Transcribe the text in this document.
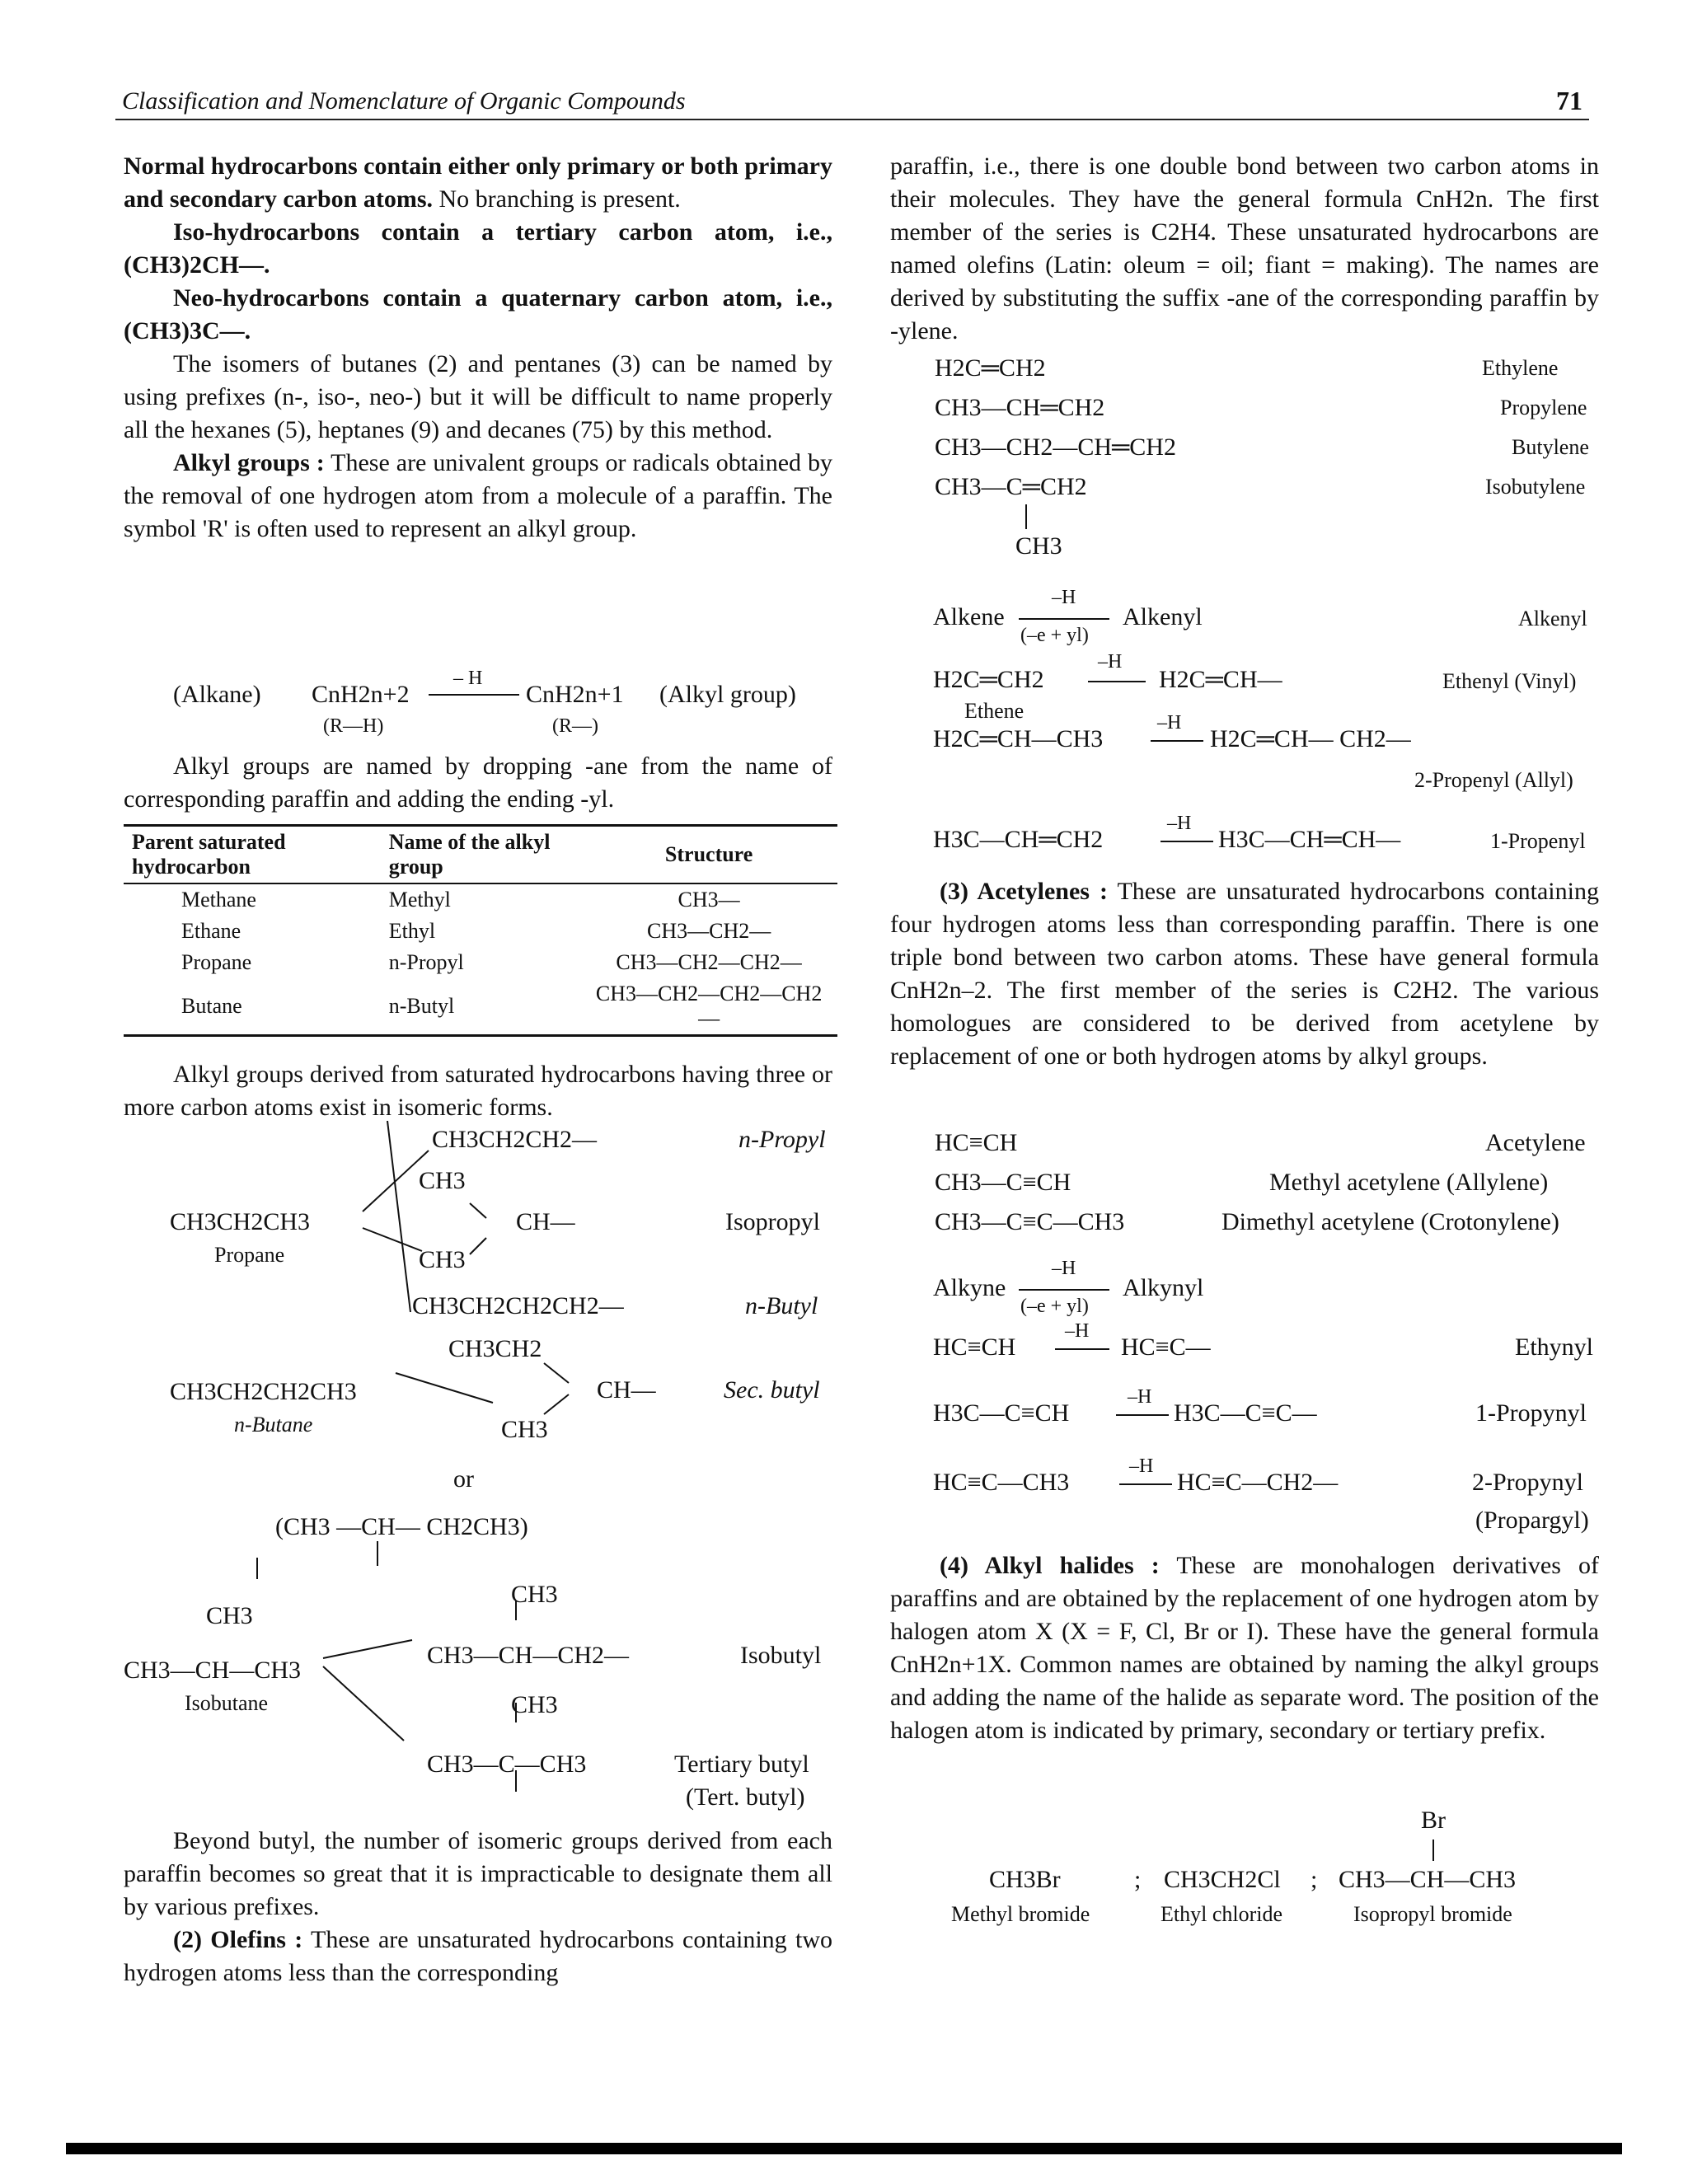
Classification and Nomenclature of Organic Compounds	71

Normal hydrocarbons contain either only primary or both primary and secondary carbon atoms. No branching is present.

Iso-hydrocarbons contain a tertiary carbon atom, i.e., (CH3)2CH—.

Neo-hydrocarbons contain a quaternary carbon atom, i.e., (CH3)3C—.

The isomers of butanes (2) and pentanes (3) can be named by using prefixes (n-, iso-, neo-) but it will be difficult to name properly all the hexanes (5), heptanes (9) and decanes (75) by this method.

Alkyl groups : These are univalent groups or radicals obtained by the removal of one hydrogen atom from a molecule of a paraffin. The symbol 'R' is often used to represent an alkyl group.

(Alkane) CnH2n+2
(R—H)
– H
CnH2n+1
(R—)
(Alkyl group)

Alkyl groups are named by dropping -ane from the name of corresponding paraffin and adding the ending -yl.

Parent saturated hydrocarbon	Name of the alkyl group	Structure
Methane	Methyl	CH3—
Ethane	Ethyl	CH3—CH2—
Propane	n-Propyl	CH3—CH2—CH2—
Butane	n-Butyl	CH3—CH2—CH2—CH2—

Alkyl groups derived from saturated hydrocarbons having three or more carbon atoms exist in isomeric forms.

CH3CH2CH2—	n-Propyl
CH3
CH3CH2CH3
Propane
CH—	Isopropyl
CH3
CH3CH2CH2CH2—	n-Butyl
CH3CH2
CH3CH2CH2CH3
n-Butane
CH—	Sec. butyl
CH3
or
(CH3 —CH— CH2CH3)
CH3
CH3
CH3—CH—CH2—	Isobutyl
CH3—CH—CH3
Isobutane	CH3
CH3—C—CH3	Tertiary butyl
(Tert. butyl)

Beyond butyl, the number of isomeric groups derived from each paraffin becomes so great that it is impracticable to designate them all by various prefixes.

(2) Olefins : These are unsaturated hydrocarbons containing two hydrogen atoms less than the corresponding

paraffin, i.e., there is one double bond between two carbon atoms in their molecules. They have the general formula CnH2n. The first member of the series is C2H4. These unsaturated hydrocarbons are named olefins (Latin: oleum = oil; fiant = making). The names are derived by substituting the suffix -ane of the corresponding paraffin by -ylene.

H2C═CH2	Ethylene
CH3—CH═CH2	Propylene
CH3—CH2—CH═CH2	Butylene
CH3—C═CH2	Isobutylene
CH3
Alkene
–H
(–e + yl)
Alkenyl	Alkenyl
H2C═CH2
–H
H2C═CH—	Ethenyl (Vinyl)
Ethene
H2C═CH—CH3
–H
H2C═CH— CH2—
2-Propenyl (Allyl)
H3C—CH═CH2
–H
H3C—CH═CH—	1-Propenyl

(3) Acetylenes : These are unsaturated hydrocarbons containing four hydrogen atoms less than corresponding paraffin. There is one triple bond between two carbon atoms. These have general formula CnH2n–2. The first member of the series is C2H2. The various homologues are considered to be derived from acetylene by replacement of one or both hydrogen atoms by alkyl groups.

HC≡CH	Acetylene
CH3—C≡CH	Methyl acetylene (Allylene)
CH3—C≡C—CH3	Dimethyl acetylene (Crotonylene)
Alkyne
–H
(–e + yl)
Alkynyl
HC≡CH
–H
HC≡C—	Ethynyl
H3C—C≡CH
–H
H3C—C≡C—	1-Propynyl
HC≡C—CH3
–H
HC≡C—CH2—	2-Propynyl
(Propargyl)

(4) Alkyl halides : These are monohalogen derivatives of paraffins and are obtained by the replacement of one hydrogen atom by halogen atom X (X = F, Cl, Br or I). These have the general formula CnH2n+1X. Common names are obtained by naming the alkyl groups and adding the name of the halide as separate word. The position of the halogen atom is indicated by primary, secondary or tertiary prefix.

Br
CH3Br	; CH3CH2Cl ; CH3—CH—CH3
Methyl bromide	Ethyl chloride	Isopropyl bromide
